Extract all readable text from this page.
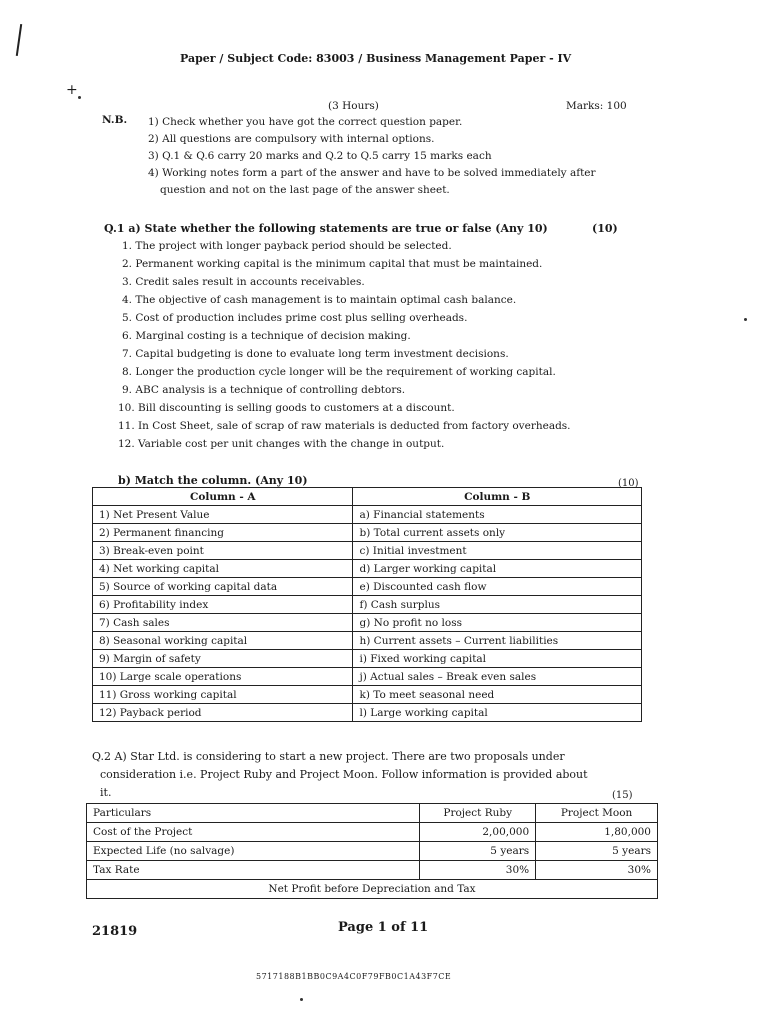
+
Paper / Subject Code: 83003 / Business Management Paper - IV
(3 Hours)	Marks: 100
N.B. 1) Check whether you have got the correct question paper.
2) All questions are compulsory with internal options.
3) Q.1 & Q.6 carry 20 marks and Q.2 to Q.5 carry 15 marks each
4) Working notes form a part of the answer and have to be solved immediately after
question and not on the last page of the answer sheet.
Q.1 a) State whether the following statements are true or false (Any 10)	(10)
1. The project with longer payback period should be selected.
2. Permanent working capital is the minimum capital that must be maintained.
3. Credit sales result in accounts receivables.
4. The objective of cash management is to maintain optimal cash balance.
5. Cost of production includes prime cost plus selling overheads.
6. Marginal costing is a technique of decision making.
7. Capital budgeting is done to evaluate long term investment decisions.
8. Longer the production cycle longer will be the requirement of working capital.
9. ABC analysis is a technique of controlling debtors.
10. Bill discounting is selling goods to customers at a discount.
11. In Cost Sheet, sale of scrap of raw materials is deducted from factory overheads.
12. Variable cost per unit changes with the change in output.
b) Match the column. (Any 10)	(10)
Column - A	Column - B
1) Net Present Value	a) Financial statements
2) Permanent financing	b) Total current assets only
3) Break-even point	c) Initial investment
4) Net working capital	d) Larger working capital
5) Source of working capital data	e) Discounted cash flow
6) Profitability index	f) Cash surplus
7) Cash sales	g) No profit no loss
8) Seasonal working capital	h) Current assets – Current liabilities
9) Margin of safety	i) Fixed working capital
10) Large scale operations	j) Actual sales – Break even sales
11) Gross working capital	k) To meet seasonal need
12) Payback period	l) Large working capital
Q.2 A) Star Ltd. is considering to start a new project. There are two proposals under
consideration i.e. Project Ruby and Project Moon. Follow information is provided about
it.	(15)
Particulars	Project Ruby	Project Moon
Cost of the Project	2,00,000	1,80,000
Expected Life (no salvage)	5 years	5 years
Tax Rate	30%	30%
Net Profit before Depreciation and Tax		
21819	Page 1 of 11
5717188B1BB0C9A4C0F79FB0C1A43F7CE
